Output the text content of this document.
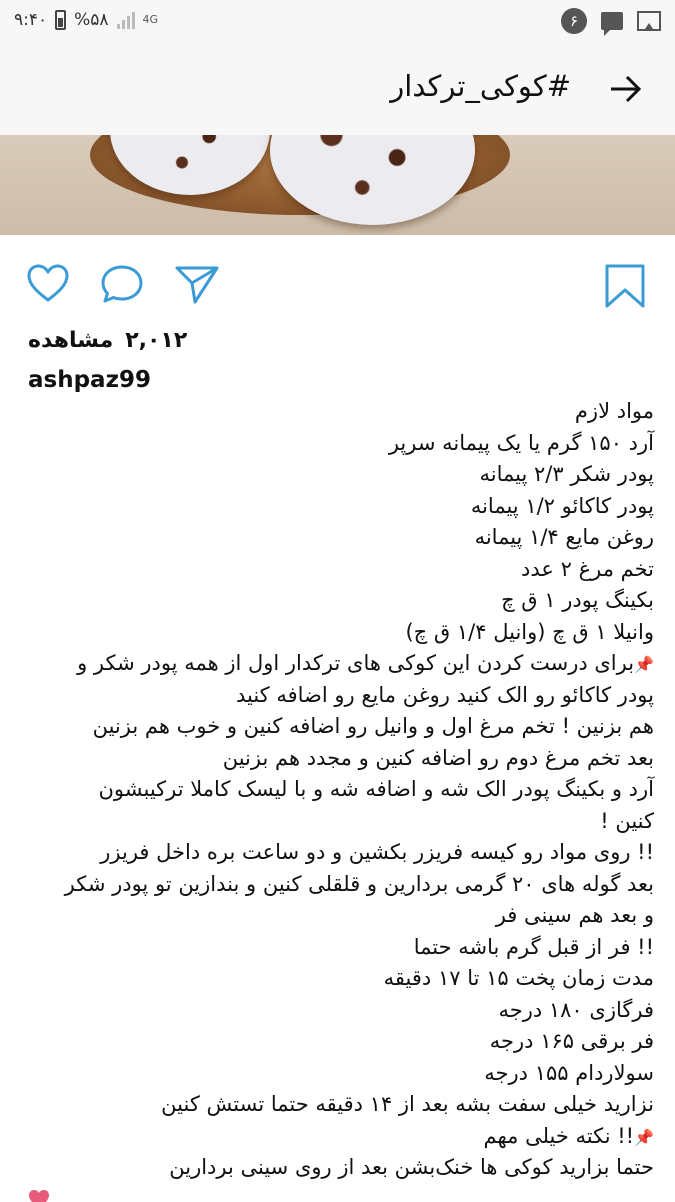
۹:۴۰ %۵۸	4G	۶
#کوکی_ترکدار
۲,۰۱۲
مشاهده
ashpaz99
مواد لازم
آرد ۱۵۰ گرم یا یک پیمانه سرپر
پودر شکر ۲/۳ پیمانه
پودر کاکائو ۱/۲ پیمانه
روغن مایع ۱/۴ پیمانه
تخم مرغ ۲ عدد
بکینگ پودر ۱ ق چ
وانیلا ۱ ق چ (وانیل ۱/۴ ق چ)
📌برای درست کردن این کوکی های ترکدار اول از همه پودر شکر و
پودر کاکائو رو الک کنید روغن مایع رو اضافه کنید
هم بزنین ! تخم مرغ اول و وانیل رو اضافه کنین و خوب هم بزنین
بعد تخم مرغ دوم رو اضافه کنین و مجدد هم بزنین
آرد و بکینگ پودر الک شه و اضافه شه و با لیسک کاملا ترکیبشون
کنین !
!! روی مواد رو کیسه فریزر بکشین و دو ساعت بره داخل فریزر
بعد گوله های ۲۰ گرمی بردارین و قلقلی کنین و بندازین تو پودر شکر
و بعد هم سینی فر
!! فر از قبل گرم باشه حتما
مدت زمان پخت ۱۵ تا ۱۷ دقیقه
فرگازی ۱۸۰ درجه
فر برقی ۱۶۵ درجه
سولاردام ۱۵۵ درجه
نزارید خیلی سفت بشه بعد از ۱۴ دقیقه حتما تستش کنین
📌!! نکته خیلی مهم
حتما بزارید کوکی ها خنک‌بشن بعد از روی سینی بردارین
